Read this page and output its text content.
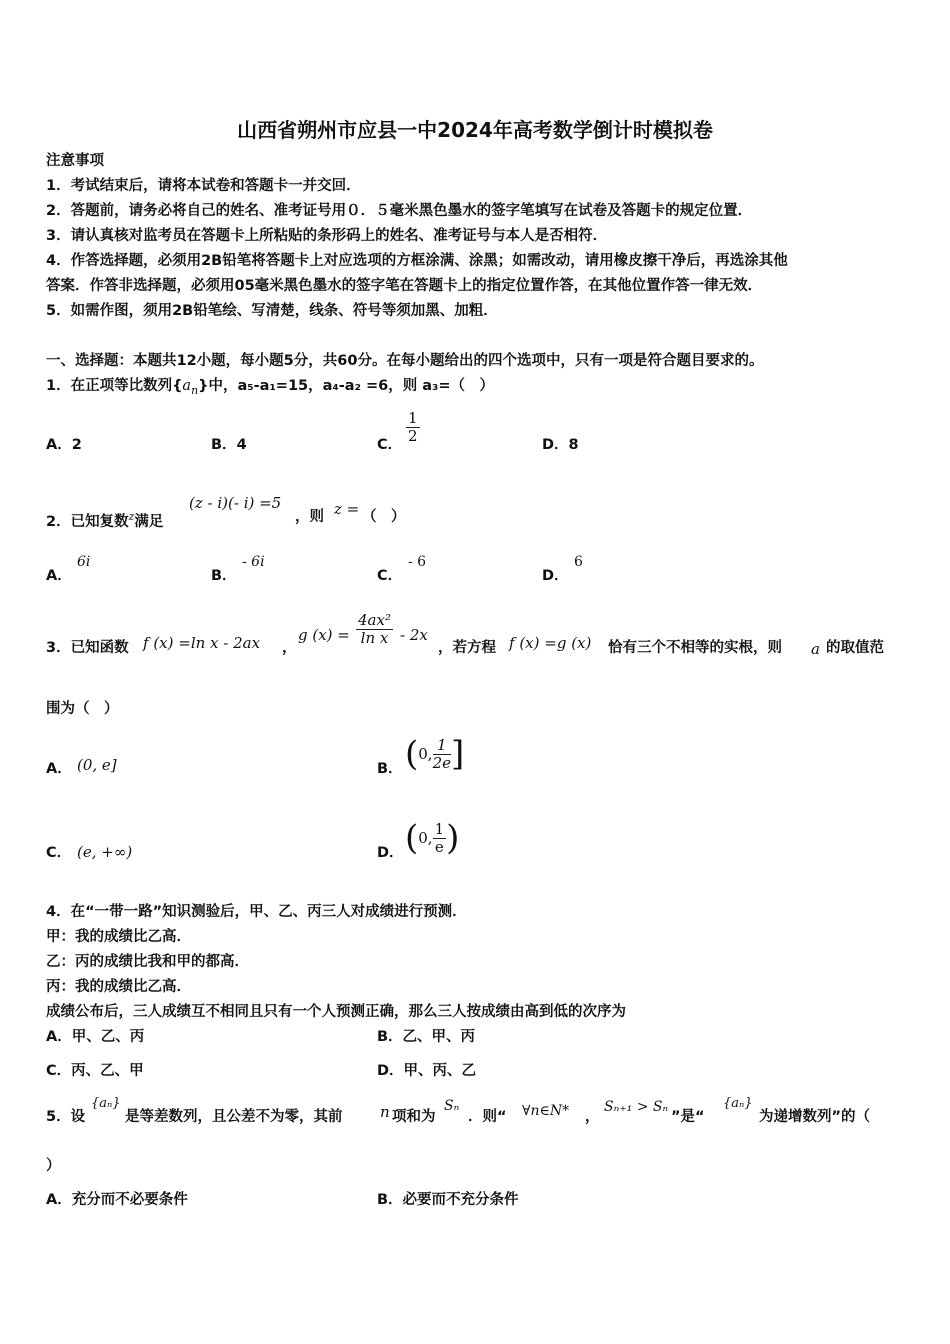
山西省朔州市应县一中2024年高考数学倒计时模拟卷
注意事项
1．考试结束后，请将本试卷和答题卡一并交回．
2．答题前，请务必将自己的姓名、准考证号用０．５毫米黑色墨水的签字笔填写在试卷及答题卡的规定位置．
3．请认真核对监考员在答题卡上所粘贴的条形码上的姓名、准考证号与本人是否相符．
4．作答选择题，必须用2B铅笔将答题卡上对应选项的方框涂满、涂黑；如需改动，请用橡皮擦干净后，再选涂其他
答案．作答非选择题，必须用05毫米黑色墨水的签字笔在答题卡上的指定位置作答，在其他位置作答一律无效．
5．如需作图，须用2B铅笔绘、写清楚，线条、符号等须加黑、加粗．
一、选择题：本题共12小题，每小题5分，共60分。在每小题给出的四个选项中，只有一项是符合题目要求的。
1．在正项等比数列$\{a_n\}$中，a₅-a₁=15，a₄-a₂ =6，则 a₃=（　）
A．2	B．4	C． $\frac{1}{2}$	D．8
2．已知复数$^z$满足
(z - i)(- i) =5
，则 z = （　）
A．
6i
B．
- 6i
C．
- 6
D．
6
3．已知函数 f (x) =ln x - 2ax ，
g $(x) = \frac{\text{4ax²}}{\text{ln x}} - 2x$
，若方程 f (x) =g (x) 恰有三个不相等的实根，则 a 的取值范
围为（　）
A． (0, e]	B． (0, $\frac{1}{2e}$ ]
C． (e, +∞)	D． (0, $\frac{1}{e}$ )
4．在“一带一路”知识测验后，甲、乙、丙三人对成绩进行预测．
甲：我的成绩比乙高．
乙：丙的成绩比我和甲的都高．
丙：我的成绩比乙高．
成绩公布后，三人成绩互不相同且只有一个人预测正确，那么三人按成绩由高到低的次序为
A．甲、乙、丙	B．乙、甲、丙
C．丙、乙、甲	D．甲、丙、乙
5．设
{aₙ}
是等差数列，且公差不为零，其前	n 项和为
Sₙ
．则“ ∀n∈N* ，
Sₙ₊₁ > Sₙ
”是“
{aₙ}
为递增数列”的（
）
A．充分而不必要条件	B．必要而不充分条件
